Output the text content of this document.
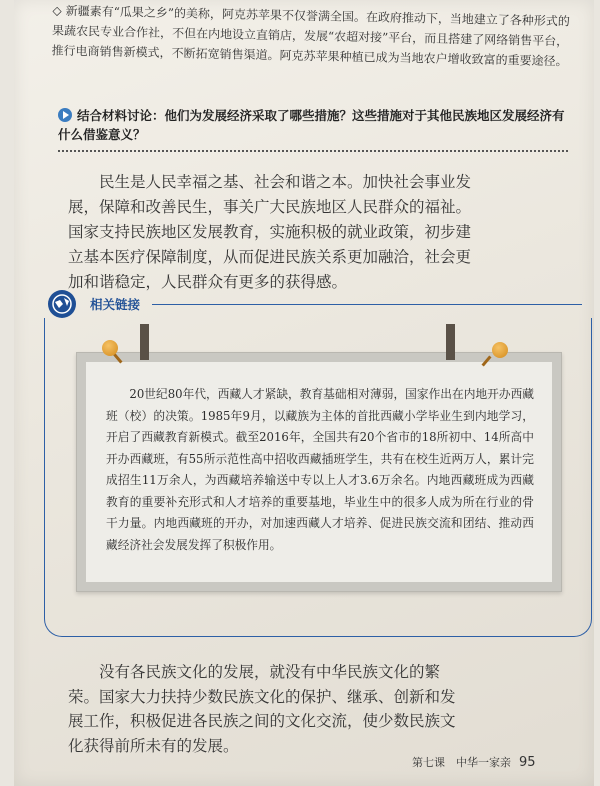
◇ 新疆素有“瓜果之乡”的美称，阿克苏苹果不仅誉满全国。在政府推动下，当地建立了各种形式的果蔬农民专业合作社，不但在内地设立直销店，发展“农超对接”平台，而且搭建了网络销售平台，推行电商销售新模式，不断拓宽销售渠道。阿克苏苹果种植已成为当地农户增收致富的重要途径。
结合材料讨论：他们为发展经济采取了哪些措施？这些措施对于其他民族地区发展经济有什么借鉴意义？
民生是人民幸福之基、社会和谐之本。加快社会事业发展，保障和改善民生，事关广大民族地区人民群众的福祉。国家支持民族地区发展教育，实施积极的就业政策，初步建立基本医疗保障制度，从而促进民族关系更加融洽，社会更加和谐稳定，人民群众有更多的获得感。
相关链接
20世纪80年代，西藏人才紧缺，教育基础相对薄弱，国家作出在内地开办西藏班（校）的决策。1985年9月，以藏族为主体的首批西藏小学毕业生到内地学习，开启了西藏教育新模式。截至2016年，全国共有20个省市的18所初中、14所高中开办西藏班，有55所示范性高中招收西藏插班学生，共有在校生近两万人，累计完成招生11万余人，为西藏培养输送中专以上人才3.6万余名。内地西藏班成为西藏教育的重要补充形式和人才培养的重要基地，毕业生中的很多人成为所在行业的骨干力量。内地西藏班的开办，对加速西藏人才培养、促进民族交流和团结、推动西藏经济社会发展发挥了积极作用。
没有各民族文化的发展，就没有中华民族文化的繁荣。国家大力扶持少数民族文化的保护、继承、创新和发展工作，积极促进各民族之间的文化交流，使少数民族文化获得前所未有的发展。
第七课　中华一家亲 95
